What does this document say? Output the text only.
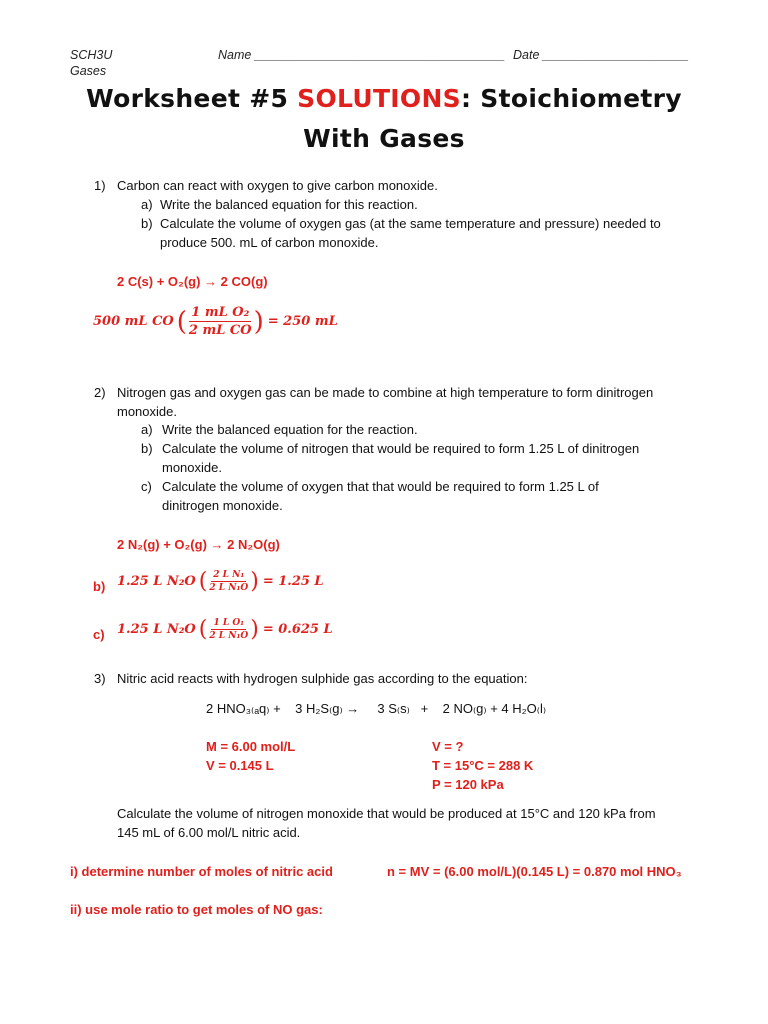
SCH3U
Gases
Name ____________________________________ Date _____________________
Worksheet #5 SOLUTIONS: Stoichiometry
With Gases
1) Carbon can react with oxygen to give carbon monoxide.
a) Write the balanced equation for this reaction.
b) Calculate the volume of oxygen gas (at the same temperature and pressure) needed to
produce 500. mL of carbon monoxide.
2 C(s) + O₂(g) → 2 CO(g)
500 mL CO ( $\frac{\text{1 mL O₂}}{\text{2 mL CO}}$ ) = 250 mL
2) Nitrogen gas and oxygen gas can be made to combine at high temperature to form dinitrogen
monoxide.
a) Write the balanced equation for the reaction.
b) Calculate the volume of nitrogen that would be required to form 1.25 L of dinitrogen
monoxide.
c) Calculate the volume of oxygen that that would be required to form 1.25 L of
dinitrogen monoxide.
2 N₂(g) + O₂(g) → 2 N₂O(g)
b) 1.25 L N₂O ( $\frac{\text{2 L N₁}}{\text{2 L N₁O}}$ ) = 1.25 L
c) 1.25 L N₂O ( $\frac{\text{1 L O₁}}{\text{2 L N₁O}}$ ) = 0.625 L
3) Nitric acid reacts with hydrogen sulphide gas according to the equation:
2 HNO₃₍ₐq₎ +    3 H₂S₍g₎ →     3 S₍s₎   +    2 NO₍g₎ + 4 H₂O₍l₎
M = 6.00 mol/L
V = 0.145 L
V = ?
T = 15°C = 288 K
P = 120 kPa
Calculate the volume of nitrogen monoxide that would be produced at 15°C and 120 kPa from
145 mL of 6.00 mol/L nitric acid.
i) determine number of moles of nitric acid	n = MV = (6.00 mol/L)(0.145 L) = 0.870 mol HNO₃
ii) use mole ratio to get moles of NO gas:
